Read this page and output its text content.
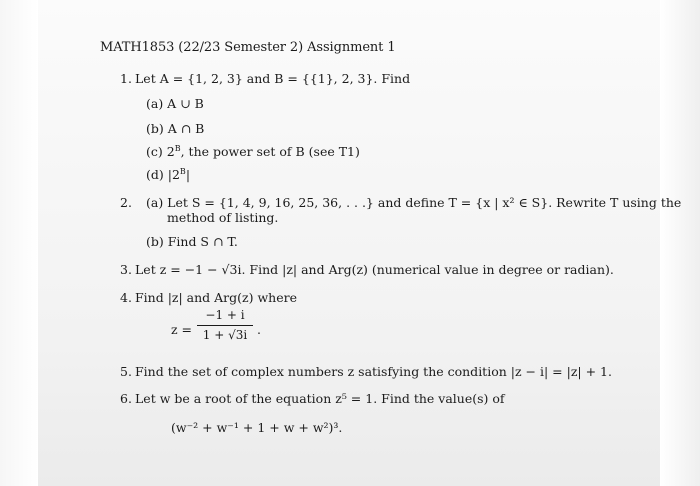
MATH1853 (22/23 Semester 2) Assignment 1
1. Let A = {1, 2, 3} and B = {{1}, 2, 3}. Find
(a) A ∪ B
(b) A ∩ B
(c) $2^B$, the power set of B (see T1)
(d) $|2^B|$
2. (a) Let S = {1, 4, 9, 16, 25, 36, . . .} and define T = {x | x² ∈ S}. Rewrite T using the
method of listing.
(b) Find S ∩ T.
3. Let z = −1 − √3i. Find |z| and Arg(z) (numerical value in degree or radian).
4. Find |z| and Arg(z) where
z =
−1 + i
1 + √3i .
5. Find the set of complex numbers z satisfying the condition |z − i| = |z| + 1.
6. Let w be a root of the equation z⁵ = 1. Find the value(s) of
(w⁻² + w⁻¹ + 1 + w + w²)³.
